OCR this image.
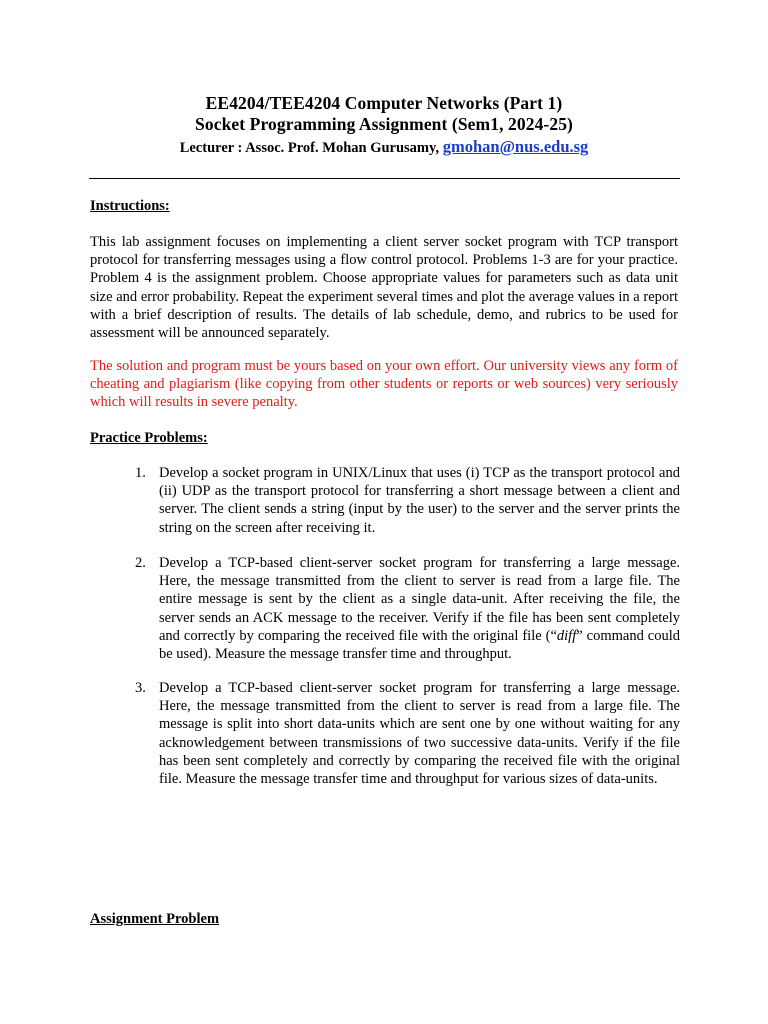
EE4204/TEE4204 Computer Networks (Part 1)
Socket Programming Assignment (Sem1, 2024-25)
Lecturer : Assoc. Prof. Mohan Gurusamy, gmohan@nus.edu.sg
Instructions:
This lab assignment focuses on implementing a client server socket program with TCP transport protocol for transferring messages using a flow control protocol. Problems 1-3 are for your practice. Problem 4 is the assignment problem. Choose appropriate values for parameters such as data unit size and error probability. Repeat the experiment several times and plot the average values in a report with a brief description of results. The details of lab schedule, demo, and rubrics to be used for assessment will be announced separately.
The solution and program must be yours based on your own effort. Our university views any form of cheating and plagiarism (like copying from other students or reports or web sources) very seriously which will results in severe penalty.
Practice Problems:
1. Develop a socket program in UNIX/Linux that uses (i) TCP as the transport protocol and (ii) UDP as the transport protocol for transferring a short message between a client and server. The client sends a string (input by the user) to the server and the server prints the string on the screen after receiving it.
2. Develop a TCP-based client-server socket program for transferring a large message. Here, the message transmitted from the client to server is read from a large file. The entire message is sent by the client as a single data-unit. After receiving the file, the server sends an ACK message to the receiver. Verify if the file has been sent completely and correctly by comparing the received file with the original file (“diff” command could be used). Measure the message transfer time and throughput.
3. Develop a TCP-based client-server socket program for transferring a large message. Here, the message transmitted from the client to server is read from a large file. The message is split into short data-units which are sent one by one without waiting for any acknowledgement between transmissions of two successive data-units. Verify if the file has been sent completely and correctly by comparing the received file with the original file. Measure the message transfer time and throughput for various sizes of data-units.
Assignment Problem
